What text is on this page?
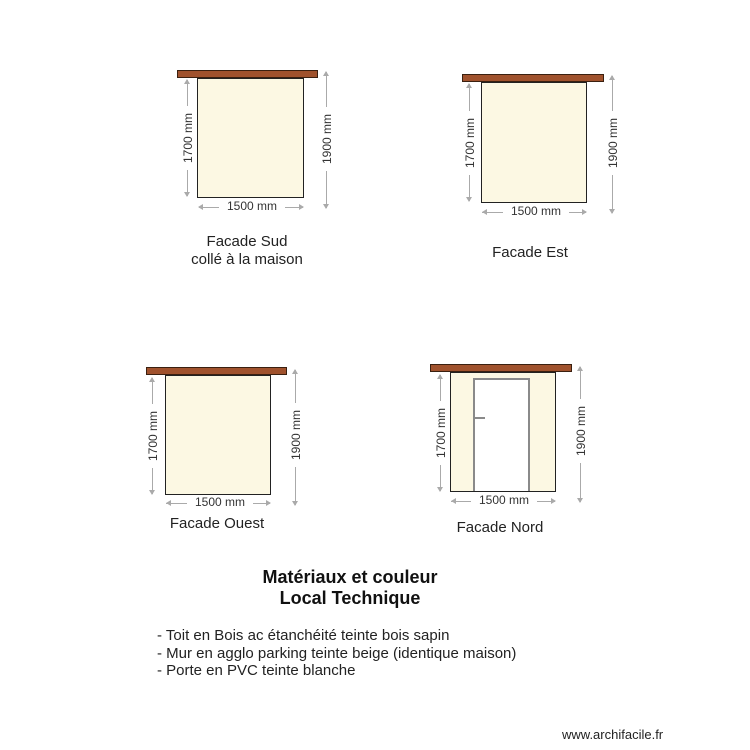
1700 mm	1900 mm
1500 mm
Facade Sud
collé à la maison
1700 mm	1900 mm
1500 mm
Facade Est
1700 mm	1900 mm
1500 mm
Facade Ouest
1700 mm	1900 mm
1500 mm
Facade Nord
Matériaux et couleur
Local Technique
- Toit en Bois ac étanchéité teinte bois sapin
- Mur en agglo parking teinte beige (identique maison)
- Porte en PVC teinte blanche
www.archifacile.fr
